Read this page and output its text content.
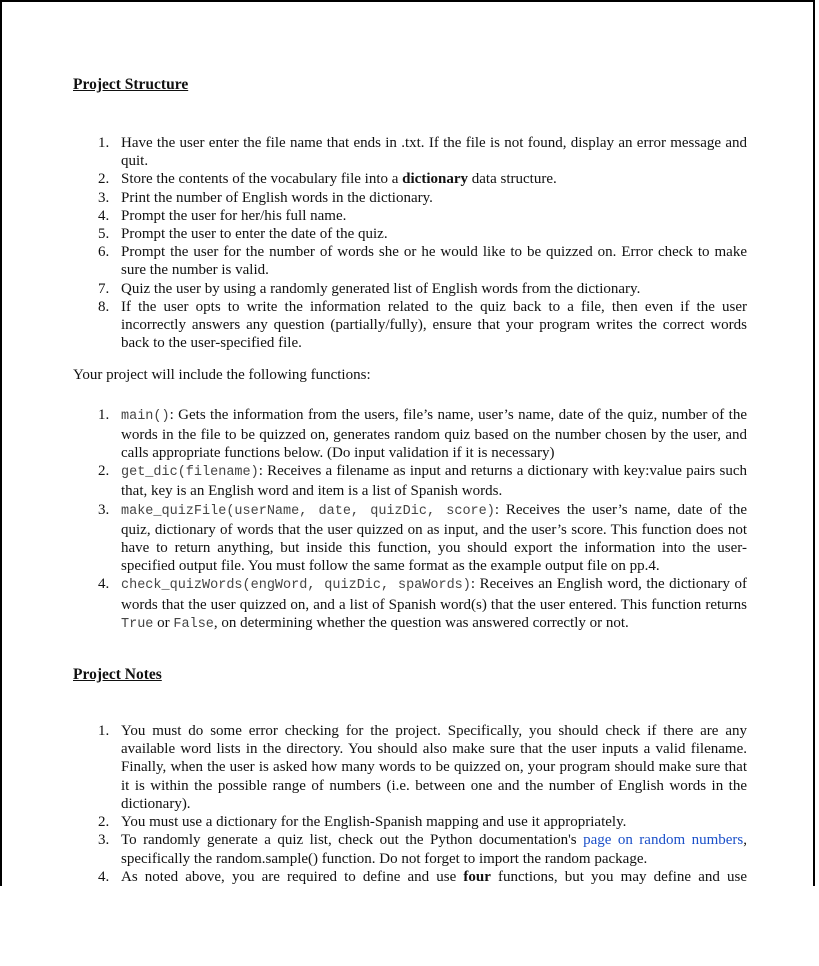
Project Structure

1. Have the user enter the file name that ends in .txt. If the file is not found, display an error message and quit.
2. Store the contents of the vocabulary file into a dictionary data structure.
3. Print the number of English words in the dictionary.
4. Prompt the user for her/his full name.
5. Prompt the user to enter the date of the quiz.
6. Prompt the user for the number of words she or he would like to be quizzed on. Error check to make sure the number is valid.
7. Quiz the user by using a randomly generated list of English words from the dictionary.
8. If the user opts to write the information related to the quiz back to a file, then even if the user incorrectly answers any question (partially/fully), ensure that your program writes the correct words back to the user-specified file.

Your project will include the following functions:

1. main(): Gets the information from the users, file’s name, user’s name, date of the quiz, number of the words in the file to be quizzed on, generates random quiz based on the number chosen by the user, and calls appropriate functions below. (Do input validation if it is necessary)
2. get_dic(filename): Receives a filename as input and returns a dictionary with key:value pairs such that, key is an English word and item is a list of Spanish words.
3. make_quizFile(userName, date, quizDic, score): Receives the user’s name, date of the quiz, dictionary of words that the user quizzed on as input, and the user’s score. This function does not have to return anything, but inside this function, you should export the information into the user-specified output file. You must follow the same format as the example output file on pp.4.
4. check_quizWords(engWord, quizDic, spaWords): Receives an English word, the dictionary of words that the user quizzed on, and a list of Spanish word(s) that the user entered. This function returns True or False, on determining whether the question was answered correctly or not.

Project Notes

1. You must do some error checking for the project. Specifically, you should check if there are any available word lists in the directory. You should also make sure that the user inputs a valid filename. Finally, when the user is asked how many words to be quizzed on, your program should make sure that it is within the possible range of numbers (i.e. between one and the number of English words in the dictionary).
2. You must use a dictionary for the English-Spanish mapping and use it appropriately.
3. To randomly generate a quiz list, check out the Python documentation's page on random numbers, specifically the random.sample() function. Do not forget to import the random package.
4. As noted above, you are required to define and use four functions, but you may define and use
